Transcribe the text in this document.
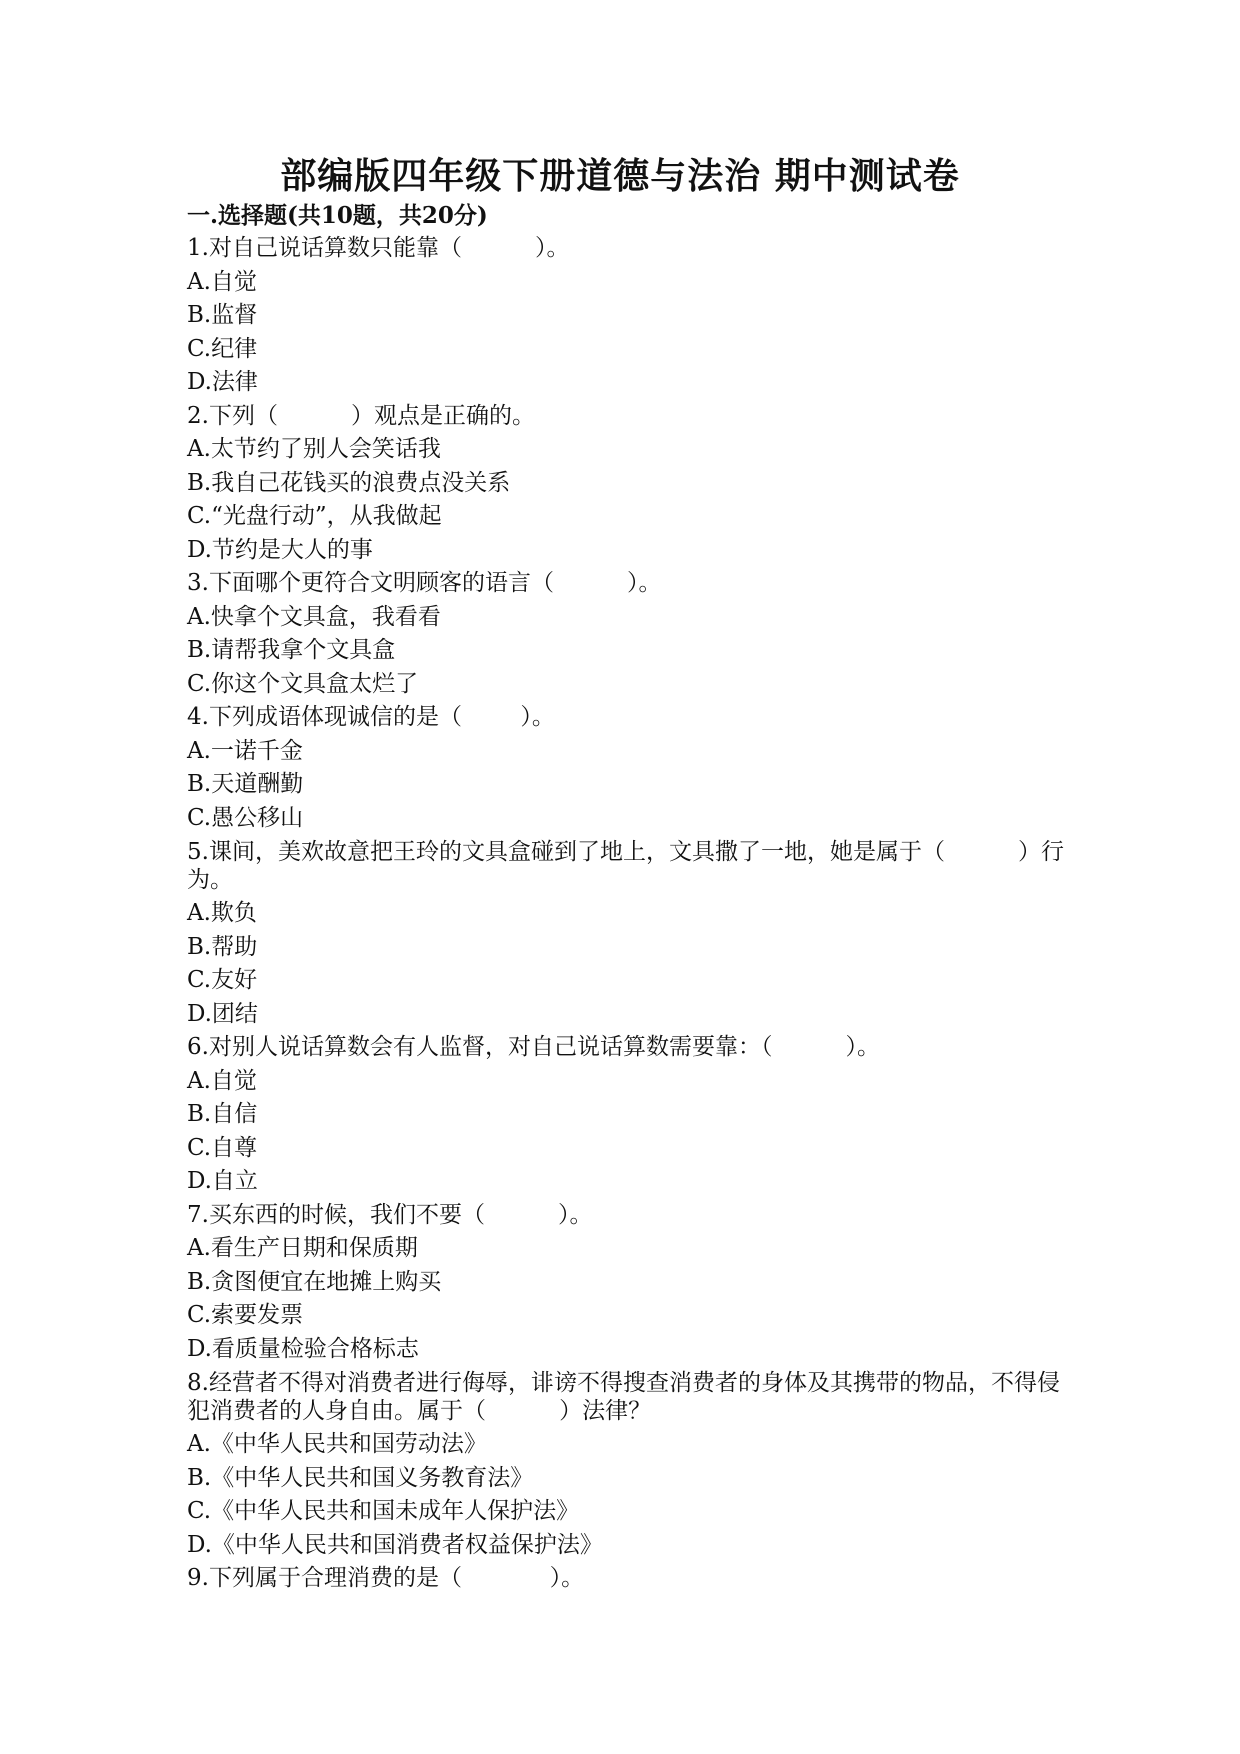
部编版四年级下册道德与法治 期中测试卷

一.选择题(共10题，共20分)

1.对自己说话算数只能靠（          ）。

A.自觉

B.监督

C.纪律

D.法律

2.下列（          ）观点是正确的。

A.太节约了别人会笑话我

B.我自己花钱买的浪费点没关系

C.“光盘行动”，从我做起

D.节约是大人的事

3.下面哪个更符合文明顾客的语言（          ）。

A.快拿个文具盒，我看看

B.请帮我拿个文具盒

C.你这个文具盒太烂了

4.下列成语体现诚信的是（        ）。

A.一诺千金

B.天道酬勤

C.愚公移山

5.课间，美欢故意把王玲的文具盒碰到了地上，文具撒了一地，她是属于（          ）行为。

A.欺负

B.帮助

C.友好

D.团结

6.对别人说话算数会有人监督，对自己说话算数需要靠：（          ）。

A.自觉

B.自信

C.自尊

D.自立

7.买东西的时候，我们不要（          ）。

A.看生产日期和保质期

B.贪图便宜在地摊上购买

C.索要发票

D.看质量检验合格标志

8.经营者不得对消费者进行侮辱，诽谤不得搜查消费者的身体及其携带的物品，不得侵犯消费者的人身自由。属于（          ）法律？

A.《中华人民共和国劳动法》

B.《中华人民共和国义务教育法》

C.《中华人民共和国未成年人保护法》

D.《中华人民共和国消费者权益保护法》

9.下列属于合理消费的是（            ）。
